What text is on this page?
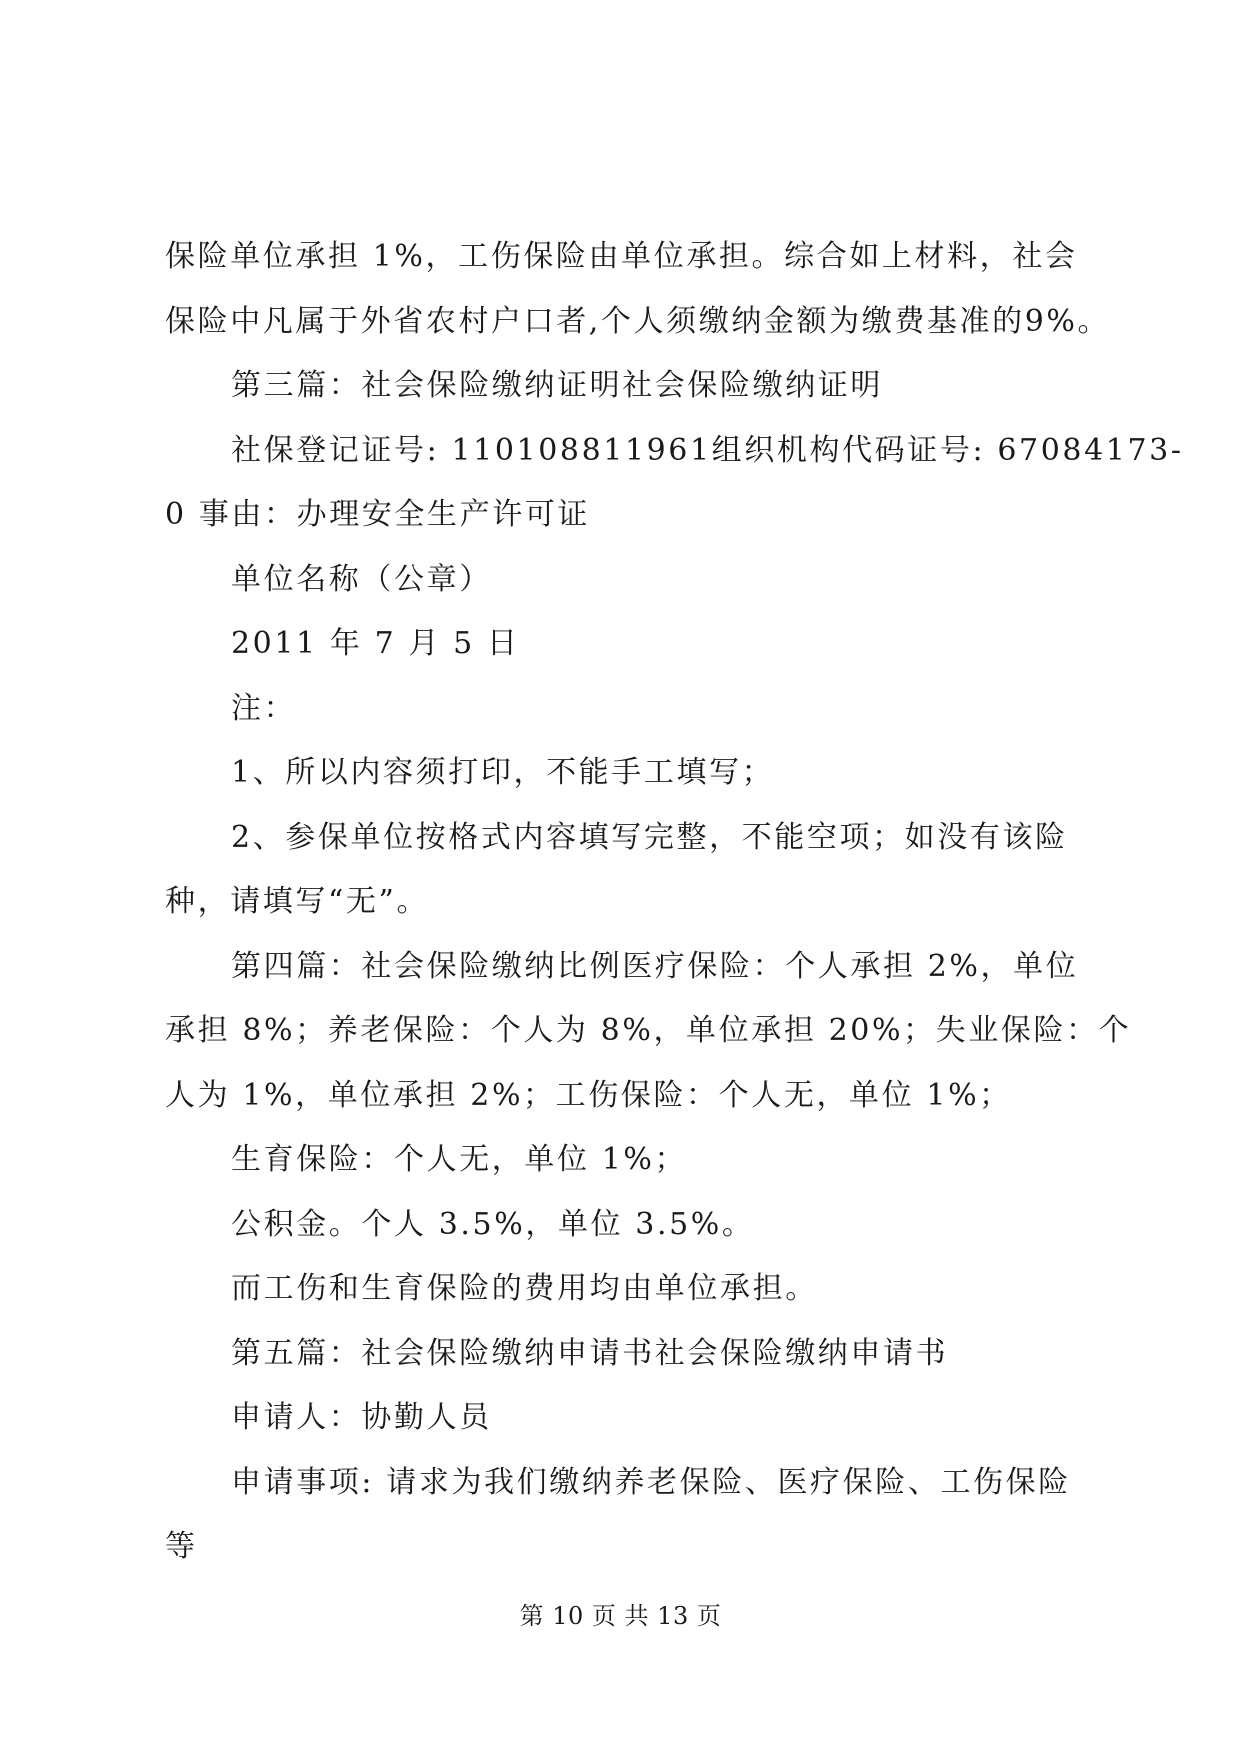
保险单位承担 1%，工伤保险由单位承担。综合如上材料，社会

保险中凡属于外省农村户口者,个人须缴纳金额为缴费基准的9%。

第三篇：社会保险缴纳证明社会保险缴纳证明

社保登记证号: 110108811961组织机构代码证号: 67084173-

0 事由：办理安全生产许可证

单位名称（公章）

2011 年 7 月 5 日

注：

1、所以内容须打印，不能手工填写；

2、参保单位按格式内容填写完整，不能空项；如没有该险

种，请填写“无”。

第四篇：社会保险缴纳比例医疗保险：个人承担 2%，单位

承担 8%；养老保险：个人为 8%，单位承担 20%；失业保险：个

人为 1%，单位承担 2%；工伤保险：个人无，单位 1%；

生育保险：个人无，单位 1%；

公积金。个人 3.5%，单位 3.5%。

而工伤和生育保险的费用均由单位承担。

第五篇：社会保险缴纳申请书社会保险缴纳申请书

申请人：协勤人员

申请事项: 请求为我们缴纳养老保险、医疗保险、工伤保险

等

第 10 页 共 13 页
